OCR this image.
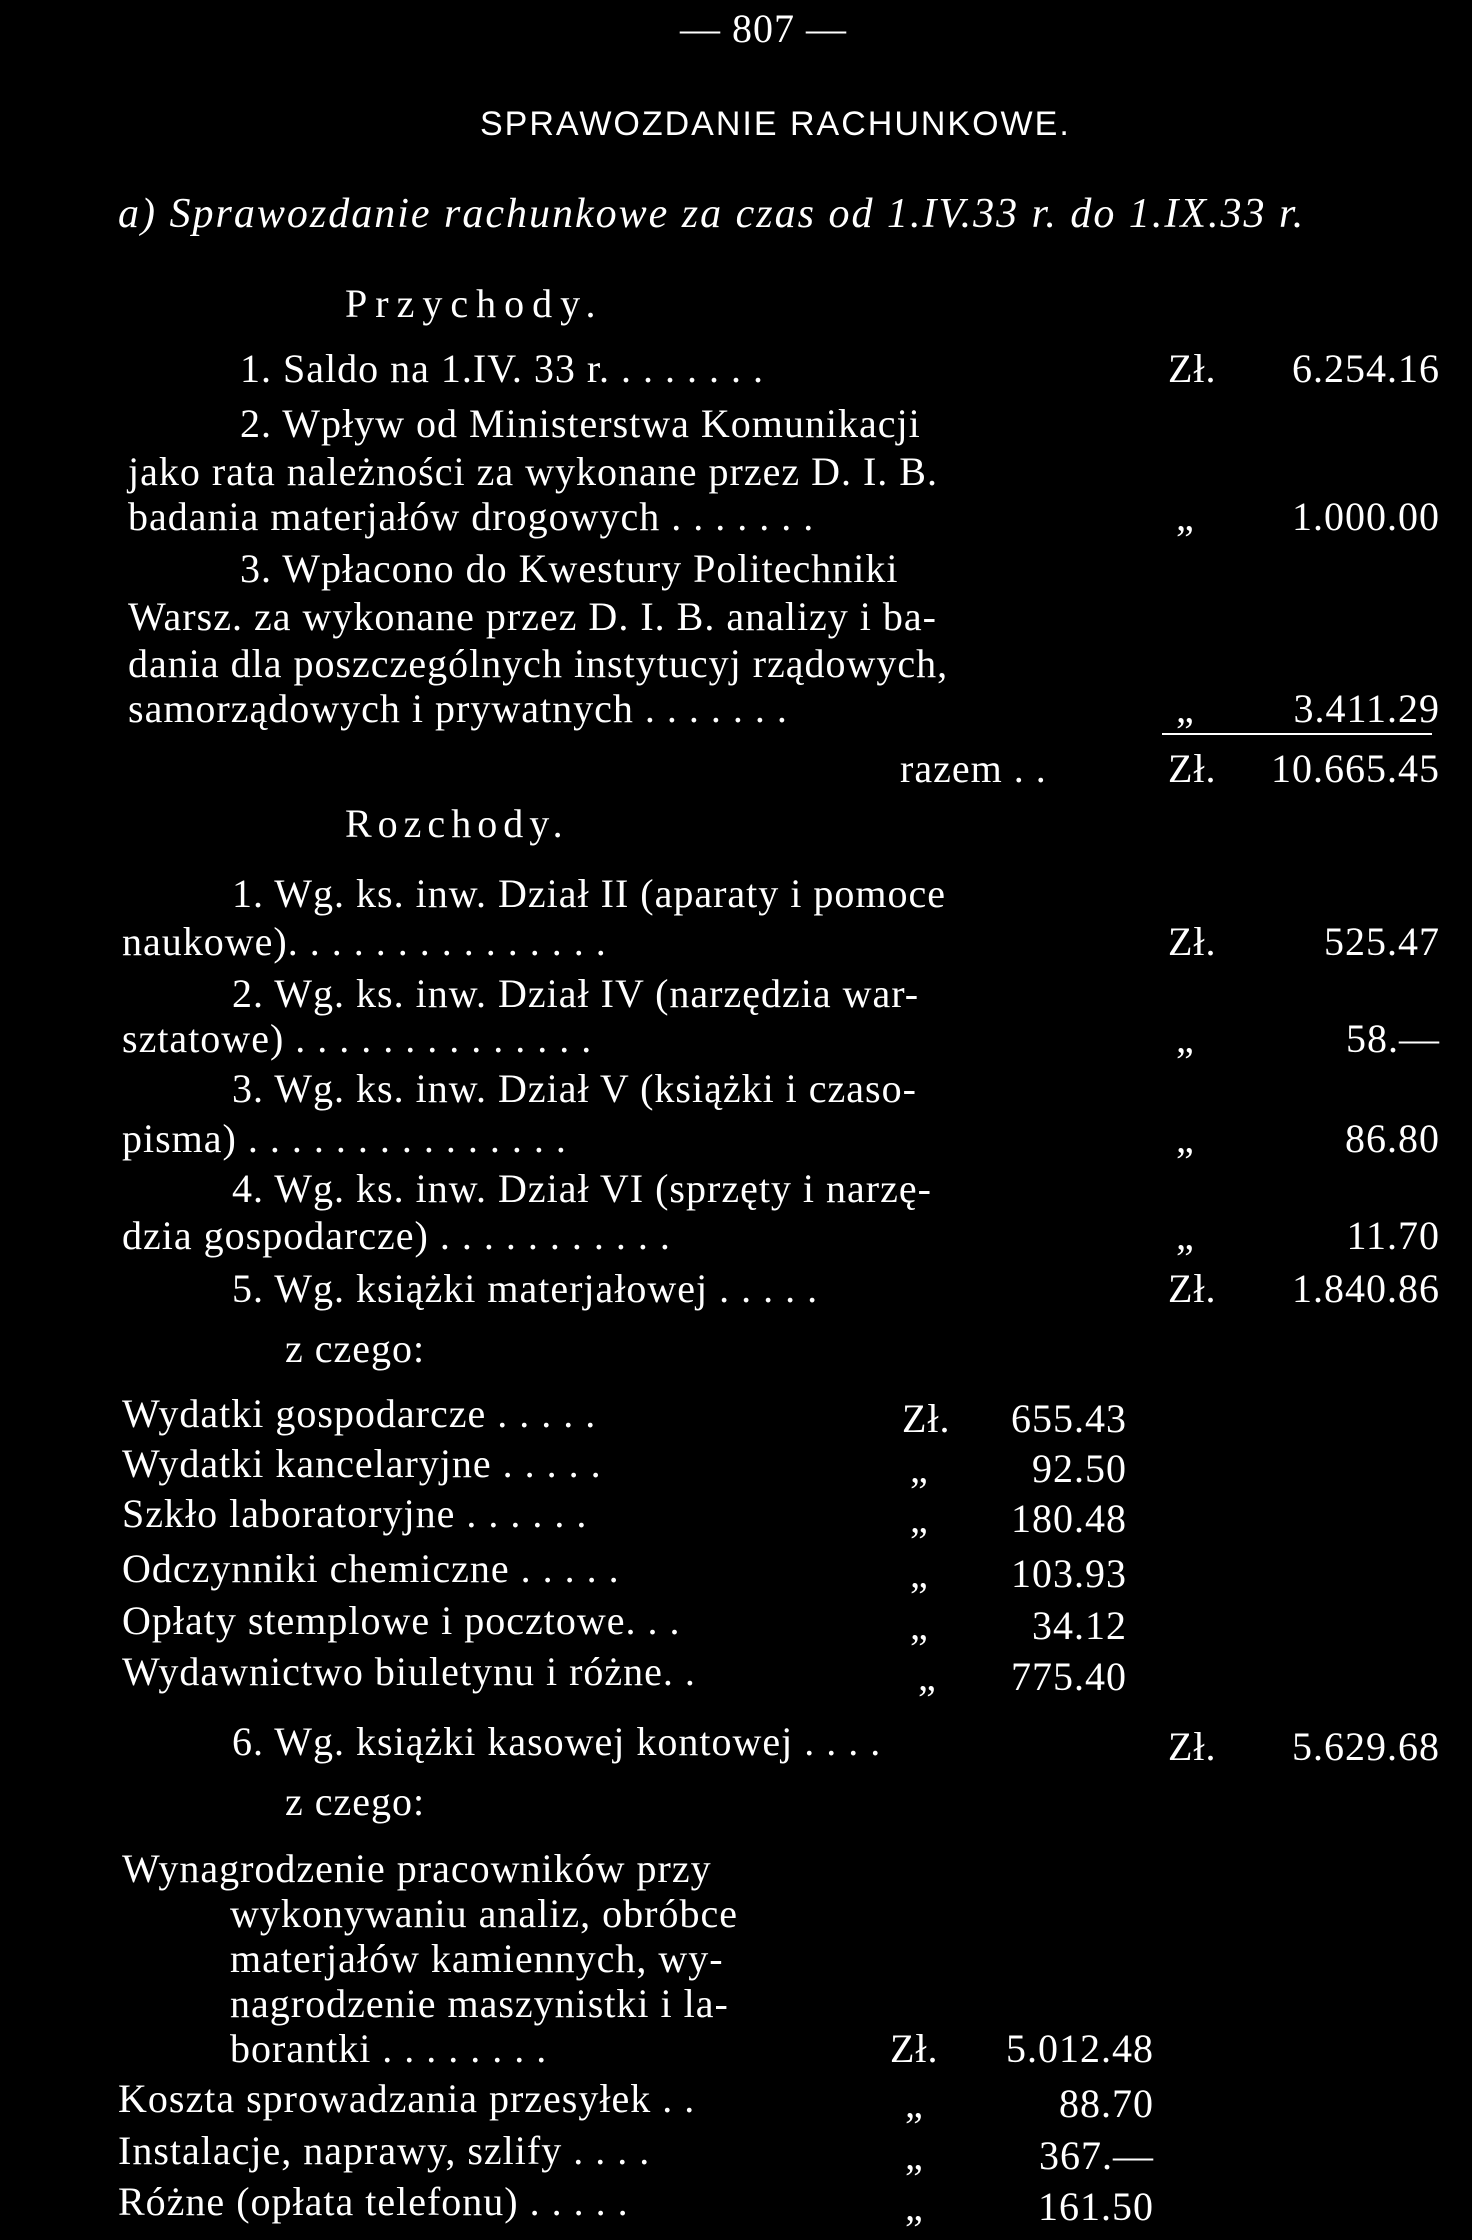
— 807 —
SPRAWOZDANIE RACHUNKOWE.
a) Sprawozdanie rachunkowe za czas od 1.IV.33 r. do 1.IX.33 r.
Przychody.
1. Saldo na 1.IV. 33 r. . . . . . . .	Zł. 6.254.16
2. Wpływ od Ministerstwa Komunikacji
jako rata należności za wykonane przez D. I. B.
badania materjałów drogowych . . . . . . .	„ 1.000.00
3. Wpłacono do Kwestury Politechniki
Warsz. za wykonane przez D. I. B. analizy i ba-
dania dla poszczególnych instytucyj rządowych,
samorządowych i prywatnych . . . . . . .	„ 3.411.29
razem . .	Zł. 10.665.45
Rozchody.
1. Wg. ks. inw. Dział II (aparaty i pomoce
naukowe). . . . . . . . . . . . . . .	Zł.	525.47
2. Wg. ks. inw. Dział IV (narzędzia war-
sztatowe) . . . . . . . . . . . . . .	„	58.—
3. Wg. ks. inw. Dział V (książki i czaso-
pisma) . . . . . . . . . . . . . . .	„	86.80
4. Wg. ks. inw. Dział VI (sprzęty i narzę-
dzia gospodarcze) . . . . . . . . . . .	„	11.70
5. Wg. książki materjałowej . . . . .	Zł. 1.840.86
z czego:
Wydatki gospodarcze . . . . .	Zł. 655.43
Wydatki kancelaryjne . . . . .	„	92.50
Szkło laboratoryjne . . . . . .	„ 180.48
Odczynniki chemiczne . . . . .	„ 103.93
Opłaty stemplowe i pocztowe. . .	„	34.12
Wydawnictwo biuletynu i różne. .	„ 775.40
6. Wg. książki kasowej kontowej . . . .	Zł. 5.629.68
z czego:
Wynagrodzenie pracowników przy
wykonywaniu analiz, obróbce
materjałów kamiennych, wy-
nagrodzenie maszynistki i la-
borantki . . . . . . . .	Zł. 5.012.48
Koszta sprowadzania przesyłek . .	„	88.70
Instalacje, naprawy, szlify . . . .	„	367.—
Różne (opłata telefonu) . . . . .	„	161.50
